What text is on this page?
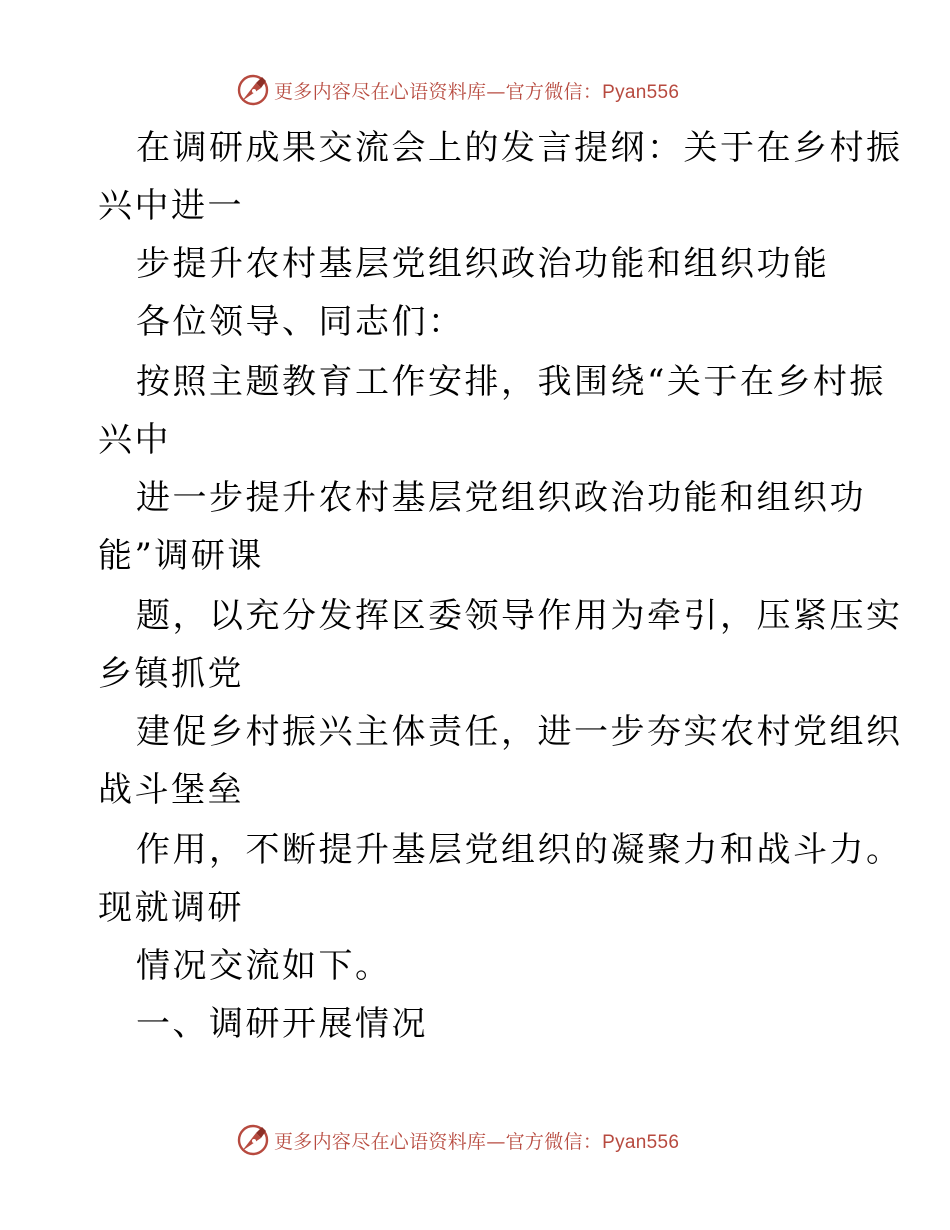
更多内容尽在心语资料库—官方微信：Pyan556
在调研成果交流会上的发言提纲：关于在乡村振
兴中进一
步提升农村基层党组织政治功能和组织功能
各位领导、同志们：
按照主题教育工作安排，我围绕“关于在乡村振
兴中
进一步提升农村基层党组织政治功能和组织功
能”调研课
题，以充分发挥区委领导作用为牵引，压紧压实
乡镇抓党
建促乡村振兴主体责任，进一步夯实农村党组织
战斗堡垒
作用，不断提升基层党组织的凝聚力和战斗力。
现就调研
情况交流如下。
一、调研开展情况
更多内容尽在心语资料库—官方微信：Pyan556
